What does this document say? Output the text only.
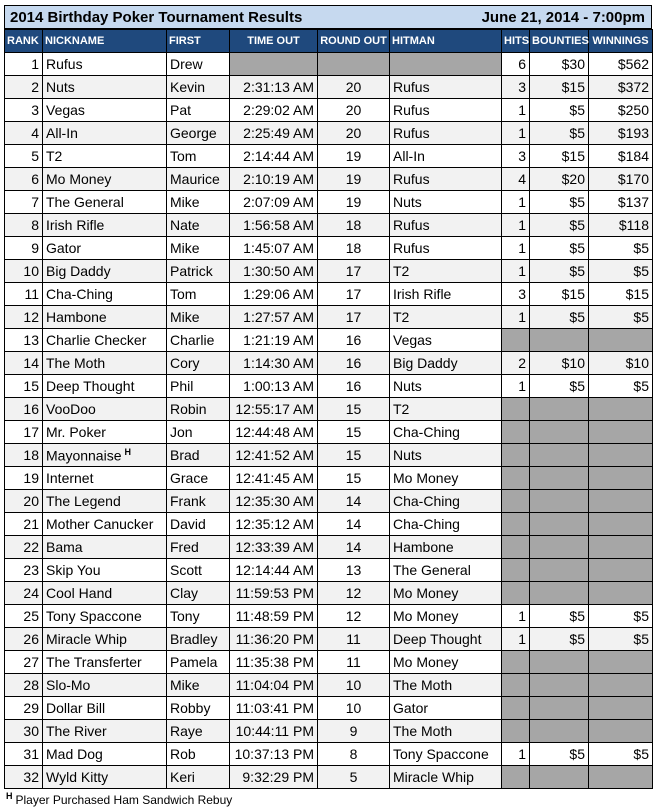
2014 Birthday Poker Tournament Results	June 21, 2014 - 7:00pm
RANK	NICKNAME	FIRST	TIME OUT	ROUND OUT	HITMAN	HITS	BOUNTIES	WINNINGS
1	Rufus	Drew				6	$30	$562
2	Nuts	Kevin	2:31:13 AM	20	Rufus	3	$15	$372
3	Vegas	Pat	2:29:02 AM	20	Rufus	1	$5	$250
4	All-In	George	2:25:49 AM	20	Rufus	1	$5	$193
5	T2	Tom	2:14:44 AM	19	All-In	3	$15	$184
6	Mo Money	Maurice	2:10:19 AM	19	Rufus	4	$20	$170
7	The General	Mike	2:07:09 AM	19	Nuts	1	$5	$137
8	Irish Rifle	Nate	1:56:58 AM	18	Rufus	1	$5	$118
9	Gator	Mike	1:45:07 AM	18	Rufus	1	$5	$5
10	Big Daddy	Patrick	1:30:50 AM	17	T2	1	$5	$5
11	Cha-Ching	Tom	1:29:06 AM	17	Irish Rifle	3	$15	$15
12	Hambone	Mike	1:27:57 AM	17	T2	1	$5	$5
13	Charlie Checker	Charlie	1:21:19 AM	16	Vegas			
14	The Moth	Cory	1:14:30 AM	16	Big Daddy	2	$10	$10
15	Deep Thought	Phil	1:00:13 AM	16	Nuts	1	$5	$5
16	VooDoo	Robin	12:55:17 AM	15	T2			
17	Mr. Poker	Jon	12:44:48 AM	15	Cha-Ching			
18	Mayonnaise $^H$	Brad	12:41:52 AM	15	Nuts			
19	Internet	Grace	12:41:45 AM	15	Mo Money			
20	The Legend	Frank	12:35:30 AM	14	Cha-Ching			
21	Mother Canucker	David	12:35:12 AM	14	Cha-Ching			
22	Bama	Fred	12:33:39 AM	14	Hambone			
23	Skip You	Scott	12:14:44 AM	13	The General			
24	Cool Hand	Clay	11:59:53 PM	12	Mo Money			
25	Tony Spaccone	Tony	11:48:59 PM	12	Mo Money	1	$5	$5
26	Miracle Whip	Bradley	11:36:20 PM	11	Deep Thought	1	$5	$5
27	The Transferter	Pamela	11:35:38 PM	11	Mo Money			
28	Slo-Mo	Mike	11:04:04 PM	10	The Moth			
29	Dollar Bill	Robby	11:03:41 PM	10	Gator			
30	The River	Raye	10:44:11 PM	9	The Moth			
31	Mad Dog	Rob	10:37:13 PM	8	Tony Spaccone	1	$5	$5
32	Wyld Kitty	Keri	9:32:29 PM	5	Miracle Whip			
$^H$ Player Purchased Ham Sandwich Rebuy
